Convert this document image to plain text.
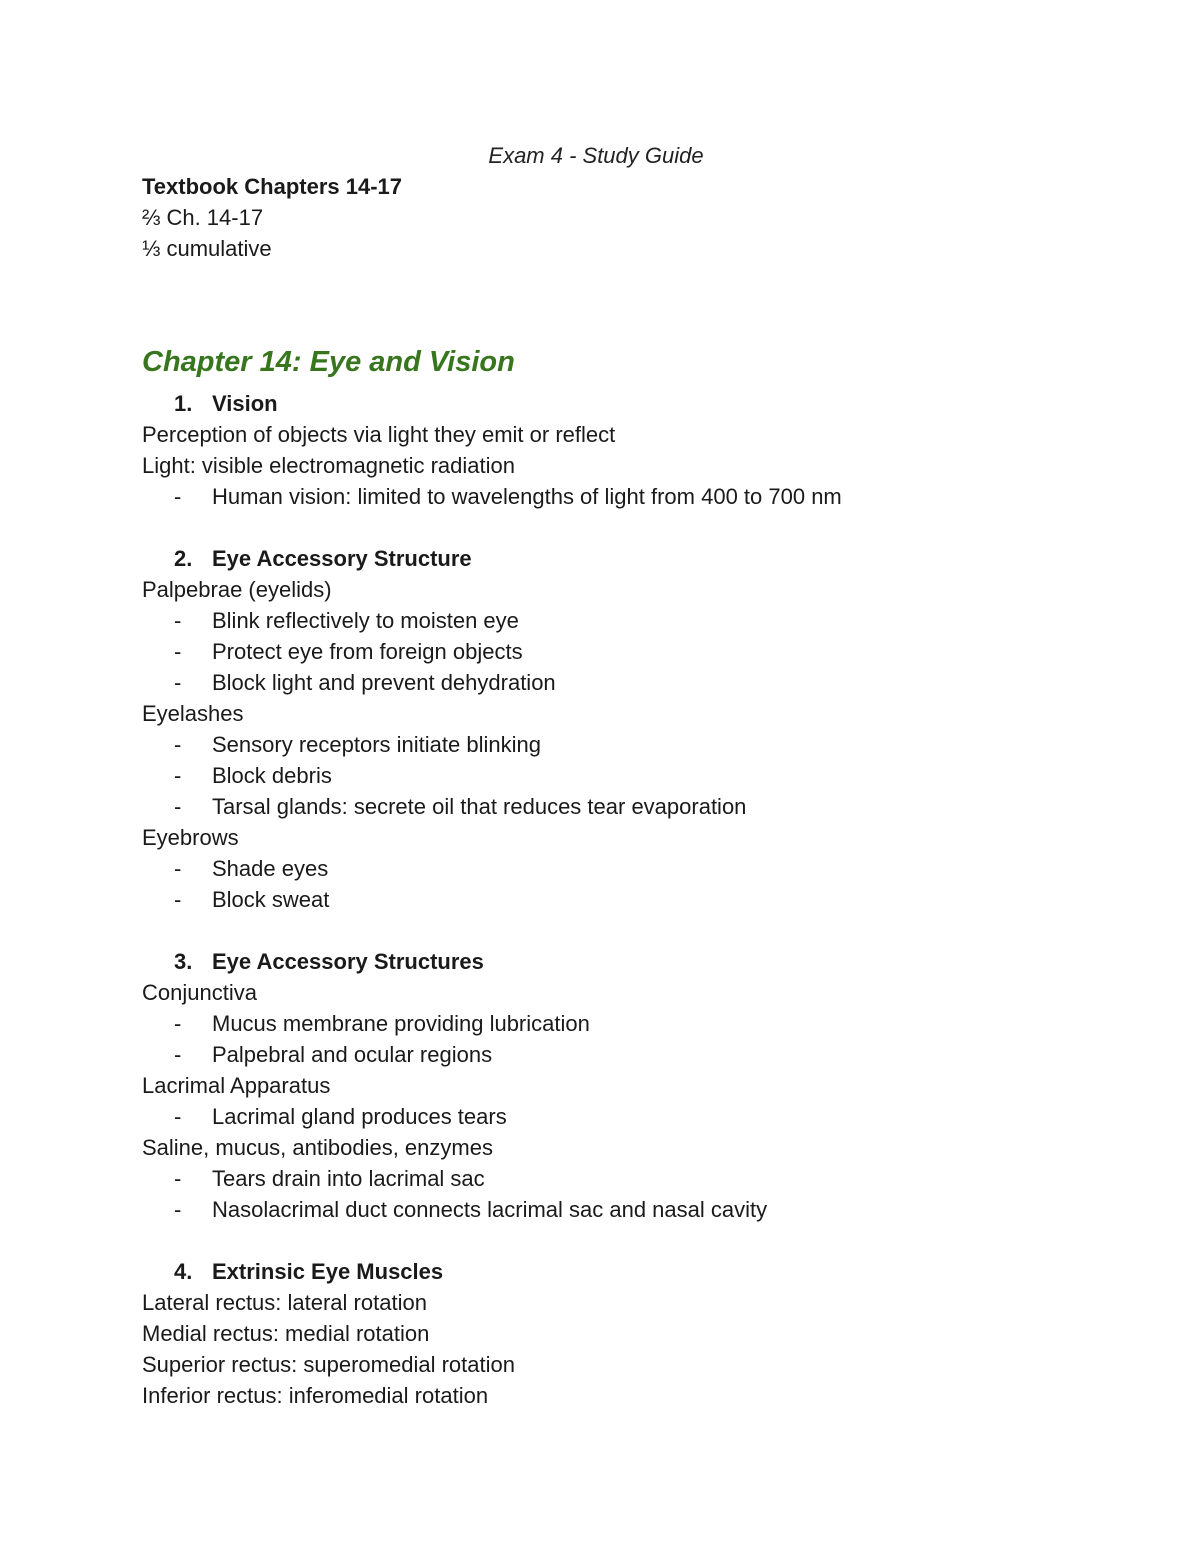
Exam 4 - Study Guide

Textbook Chapters 14-17

⅔ Ch. 14-17

⅓ cumulative

Chapter 14: Eye and Vision

1. Vision

Perception of objects via light they emit or reflect

Light: visible electromagnetic radiation

- Human vision: limited to wavelengths of light from 400 to 700 nm

2. Eye Accessory Structure

Palpebrae (eyelids)

- Blink reflectively to moisten eye

- Protect eye from foreign objects

- Block light and prevent dehydration

Eyelashes

- Sensory receptors initiate blinking

- Block debris

- Tarsal glands: secrete oil that reduces tear evaporation

Eyebrows

- Shade eyes

- Block sweat

3. Eye Accessory Structures

Conjunctiva

- Mucus membrane providing lubrication

- Palpebral and ocular regions

Lacrimal Apparatus

- Lacrimal gland produces tears

Saline, mucus, antibodies, enzymes

- Tears drain into lacrimal sac

- Nasolacrimal duct connects lacrimal sac and nasal cavity

4. Extrinsic Eye Muscles

Lateral rectus: lateral rotation

Medial rectus: medial rotation

Superior rectus: superomedial rotation

Inferior rectus: inferomedial rotation
